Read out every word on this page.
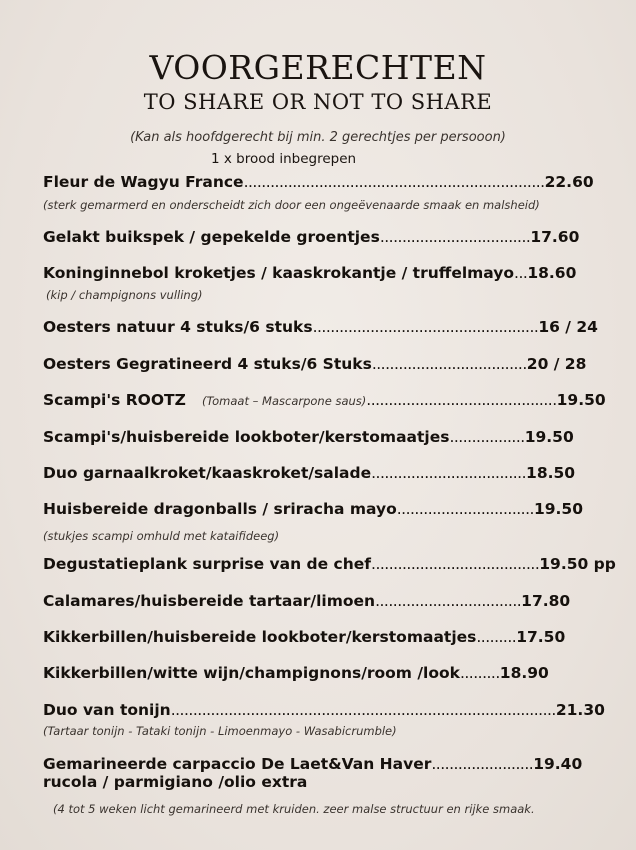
VOORGERECHTEN
TO SHARE OR NOT TO SHARE
(Kan als hoofdgerecht bij min. 2 gerechtjes per persooon)
1 x brood inbegrepen
Fleur de Wagyu France....................................................................22.60
(sterk gemarmerd en onderscheidt zich door een ongeëvenaarde smaak en malsheid)
Gelakt buikspek / gepekelde groentjes..................................17.60
Koninginnebol kroketjes / kaaskrokantje / truffelmayo...18.60
(kip / champignons vulling)
Oesters natuur 4 stuks/6 stuks...................................................16 / 24
Oesters Gegratineerd 4 stuks/6 Stuks...................................20 / 28
Scampi's ROOTZ (Tomaat – Mascarpone saus)...........................................19.50
Scampi's/huisbereide lookboter/kerstomaatjes.................19.50
Duo garnaalkroket/kaaskroket/salade...................................18.50
Huisbereide dragonballs / sriracha mayo...............................19.50
(stukjes scampi omhuld met kataifideeg)
Degustatieplank surprise van de chef......................................19.50 pp
Calamares/huisbereide tartaar/limoen.................................17.80
Kikkerbillen/huisbereide lookboter/kerstomaatjes.........17.50
Kikkerbillen/witte wijn/champignons/room /look.........18.90
Duo van tonijn.......................................................................................21.30
(Tartaar tonijn - Tataki tonijn - Limoenmayo - Wasabicrumble)
Gemarineerde carpaccio De Laet&Van Haver.......................19.40
rucola / parmigiano /olio extra
(4 tot 5 weken licht gemarineerd met kruiden. zeer malse structuur en rijke smaak.
